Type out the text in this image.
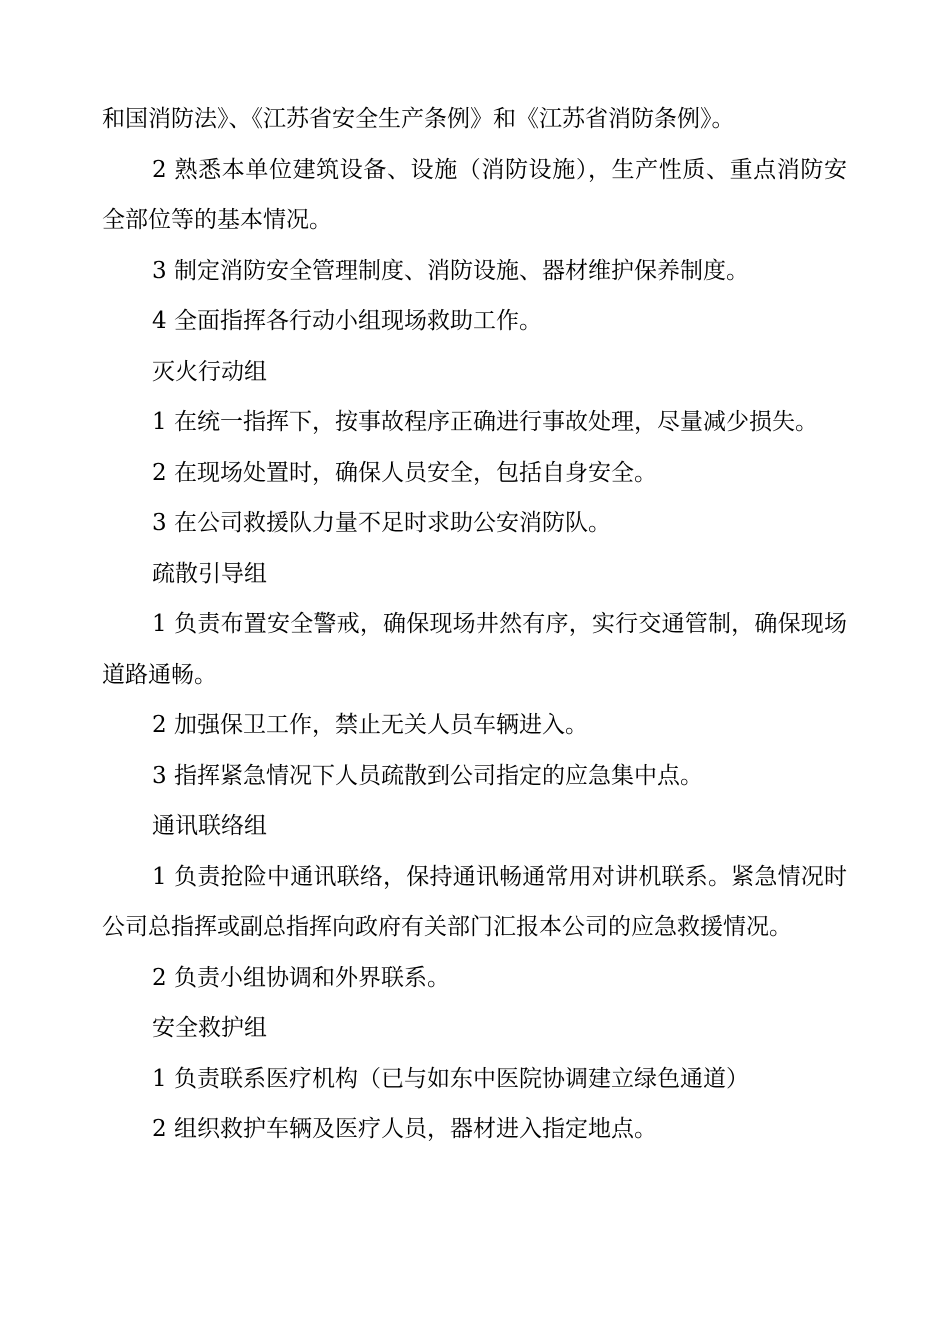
和国消防法》、《江苏省安全生产条例》和《江苏省消防条例》。

2 熟悉本单位建筑设备、设施（消防设施），生产性质、重点消防安全部位等的基本情况。

3 制定消防安全管理制度、消防设施、器材维护保养制度。

4 全面指挥各行动小组现场救助工作。

灭火行动组

1 在统一指挥下，按事故程序正确进行事故处理，尽量减少损失。

2 在现场处置时，确保人员安全，包括自身安全。

3 在公司救援队力量不足时求助公安消防队。

疏散引导组

1 负责布置安全警戒，确保现场井然有序，实行交通管制，确保现场道路通畅。

2 加强保卫工作，禁止无关人员车辆进入。

3 指挥紧急情况下人员疏散到公司指定的应急集中点。

通讯联络组

1 负责抢险中通讯联络，保持通讯畅通常用对讲机联系。紧急情况时公司总指挥或副总指挥向政府有关部门汇报本公司的应急救援情况。

2 负责小组协调和外界联系。

安全救护组

1 负责联系医疗机构（已与如东中医院协调建立绿色通道）

2 组织救护车辆及医疗人员，器材进入指定地点。
